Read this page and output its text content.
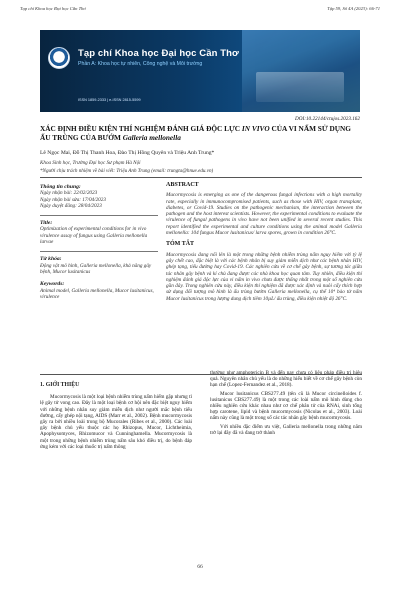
Tạp chí Khoa học Đại học Cần Thơ	Tập 59, Số 4A (2023): 66-71
Tạp chí Khoa học Đại học Cần Thơ
Phần A: Khoa học tự nhiên, Công nghệ và Môi trường
ISSN 1859-2333 | e-ISSN 2815-5599
DOI:10.22144/ctujos.2023.162
XÁC ĐỊNH ĐIỀU KIỆN THÍ NGHIỆM ĐÁNH GIÁ ĐỘC LỰC IN VIVO CỦA VI NẤM SỬ DỤNG ẤU TRÙNG CỦA BƯỚM Galleria mellonella
Lê Ngọc Mai, Đỗ Thị Thanh Hoa, Đào Thị Hồng Quyên và Triệu Anh Trung*
Khoa Sinh học, Trường Đại học Sư phạm Hà Nội
*Người chịu trách nhiệm về bài viết: Triệu Anh Trung (email: trungta@hnue.edu.vn)
Thông tin chung:
Ngày nhận bài: 22/02/2023
Ngày nhận bài sửa: 17/04/2023
Ngày duyệt đăng: 28/04/2023
Title:
Optimization of experimental conditions for in vivo virulence assay of fungus using Galleria mellonella larvae
Từ khóa:
Động vật mô hình, Galleria mellonella, khả năng gây bệnh, Mucor lusitanicus
Keywords:
Animal model, Galleria mellonella, Mucor lusitanicus, virulence
ABSTRACT

Mucormycosis is emerging as one of the dangerous fungal infections with a high mortality rate, especially in immunocompromised patients, such as those with HIV, organ transplant, diabetes, or Covid-19. Studies on the pathogenic mechanism, the interaction between the pathogen and the host interest scientists. However, the experimental conditions to evaluate the virulence of fungal pathogens in vivo have not been unified in several recent studies. This report identified the experimental and culture conditions using the animal model Galleria mellonella: 104 fungus Mucor lusitanicus/ larva spores, grown in condition 26°C.

TÓM TẮT

Mucormycosis đang nổi lên là một trong những bệnh nhiễm trùng nấm nguy hiểm với tỷ lệ gây chết cao, đặc biệt là với các bệnh nhân bị suy giảm miễn dịch như các bệnh nhân HIV, ghép tạng, tiểu đường hay Covid-19. Các nghiên cứu về cơ chế gây bệnh, sự tương tác giữa tác nhân gây bệnh và kí chủ đang được các nhà khoa học quan tâm. Tuy nhiên, điều kiện thí nghiệm đánh giá độc lực của vi nấm in vivo chưa được thống nhất trong một số nghiên cứu gần đây. Trong nghiên cứu này, điều kiện thí nghiệm đã được xác định và nuôi cấy thích hợp sử dụng đối tượng mô hình là ấu trùng bướm Galleria mellonella, cụ thể 10⁴ bào tử nấm Mucor lusitanicus trong lượng dung dịch tiêm 10µL/ ấu trùng, điều kiện nhiệt độ 26°C.

1. GIỚI THIỆU

Mucormycosis là một loại bệnh nhiễm trùng nấm hiếm gặp nhưng tỉ lệ gây tử vong cao. Đây là một loại bệnh cơ hội nên đặc biệt nguy hiểm với những bệnh nhân suy giảm miễn dịch như người mắc bệnh tiểu đường, cấy ghép nội tạng, AIDS (Marr et al., 2002). Bệnh mucormycosis gây ra bởi nhiều loài trong bộ Mucorales (Ribes et al., 2000). Các loài gây bệnh chủ yếu thuộc các họ Rhizopus, Mucor, Lichtheimia, Apophysomyces, Rhizomucor và Cunninghamella. Mucormycosis là một trong những bệnh nhiễm trùng nấm sâu khó điều trị, do bệnh đáp ứng kém với các loại thuốc trị nấm thông

thường như amphotericin B và đến nay chưa có liệu pháp điều trị hiệu quả. Nguyên nhân chủ yếu là do những hiểu biết về cơ chế gây bệnh còn hạn chế (Lopez-Fernandez et al., 2018).

Mucor lusitanicus CBS277.49 (tên cũ là Mucor circinelloides f. lusitanicus CBS277.49) là một trong các loài nấm mô hình dùng cho nhiều nghiên cứu khác nhau như cơ chế phân tử của RNAi, sinh tổng hợp carotene, lipid và bệnh mucormycosis (Nicolas et al., 2003). Loài nấm này cũng là một trong số các tác nhân gây bệnh mucormycosis.

Với nhiều đặc điểm ưu việt, Galleria mellonella trong những năm trở lại đây đã và đang trở thành

66
